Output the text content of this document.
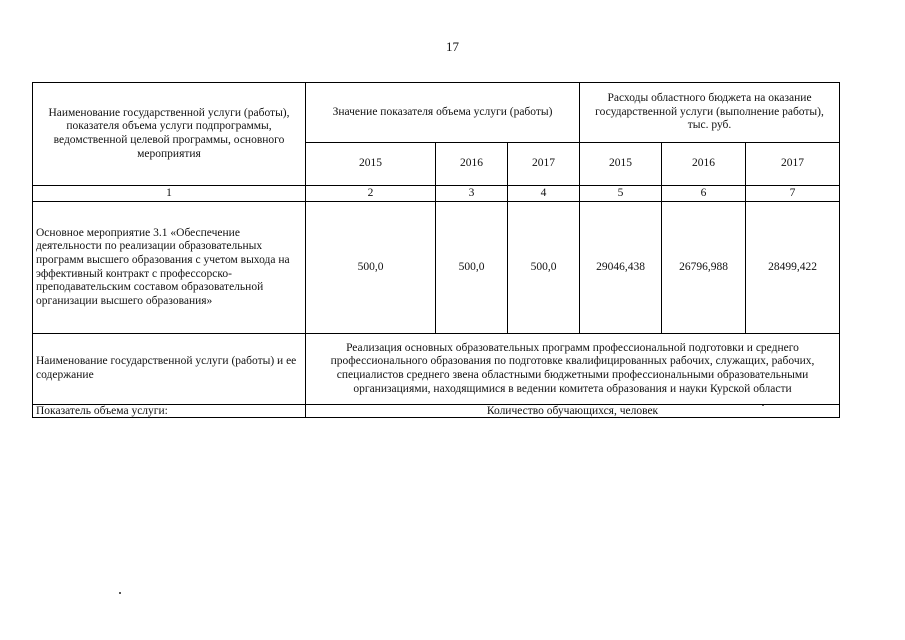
17
Наименование государственной услуги (работы), показателя объема услуги подпрограммы, ведомственной целевой программы, основного мероприятия	Значение показателя объема услуги (работы)			Расходы областного бюджета на оказание государственной услуги (выполнение работы),
тыс. руб.		
	2015	2016	2017	2015	2016	2017
1	2	3	4	5	6	7
Основное мероприятие 3.1 «Обеспечение деятельности по реализации образовательных программ высшего образования с учетом выхода на эффективный контракт с профессорско-преподавательским составом образовательной организации высшего образования»	500,0	500,0	500,0	29046,438	26796,988	28499,422
Наименование государственной услуги (работы) и ее содержание	Реализация основных образовательных программ профессиональной подготовки и среднего профессионального образования по подготовке квалифицированных рабочих, служащих, рабочих, специалистов среднего звена областными бюджетными профессиональными образовательными организациями, находящимися в ведении комитета образования и науки Курской области					
Показатель объема услуги:	Количество обучающихся, человек					
